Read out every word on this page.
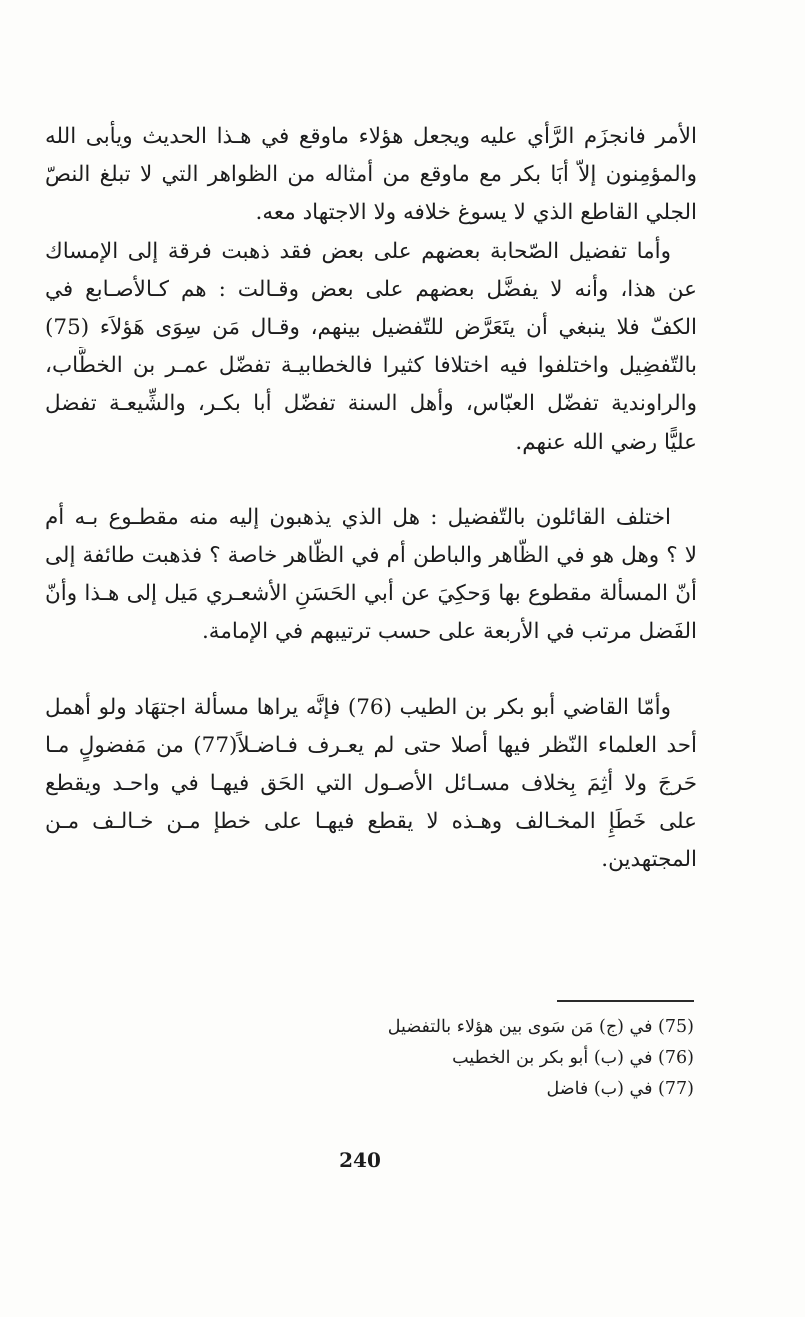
الأمر فانجزَم الرَّأي عليه ويجعل هؤلاء ماوقع في هـذا الحديث ويأبى الله
والمؤمِنون إلاّ أبَا بكر مع ماوقع من أمثاله من الظواهر التي لا تبلغ النصّ
الجلي القاطع الذي لا يسوغ خلافه ولا الاجتهاد معه.

وأما تفضيل الصّحابة بعضهم على بعض فقد ذهبت فرقة إلى الإمساك
عن هذا، وأنه لا يفضَّل بعضهم على بعض وقـالت : هم كـالأصـابع في
الكفّ فلا ينبغي أن يتَعَرَّض للتّفضيل بينهم، وقـال مَن سِوَى هَؤلاَء (75)
بالتّفضِيل واختلفوا فيه اختلافا كثيرا فالخطابيـة تفضّل عمـر بن الخطَّاب،
والراوندية تفضّل العبّاس، وأهل السنة تفضّل أبا بكـر، والشِّيعـة تفضل
عليًّا رضي الله عنهم.

اختلف القائلون بالتّفضيل : هل الذي يذهبون إليه منه مقطـوع بـه أم
لا ؟ وهل هو في الظّاهر والباطن أم في الظّاهر خاصة ؟ فذهبت طائفة إلى
أنّ المسألة مقطوع بها وَحكِيَ عن أبي الحَسَنِ الأشعـري مَيل إلى هـذا وأنّ
الفَضل مرتب في الأربعة على حسب ترتيبهم في الإمامة.

وأمّا القاضي أبو بكر بن الطيب (76) فإنَّه يراها مسألة اجتهَاد ولو أهمل
أحد العلماء النّظر فيها أصلا حتى لم يعـرف فـاضـلاً(77) من مَفضولٍ مـا
حَرجَ ولا أثِمَ بِخلاف مسـائل الأصـول التي الحَق فيهـا في واحـد ويقطع
على خَطَإِ المخـالف وهـذه لا يقطع فيهـا على خطإ مـن خـالـف مـن
المجتهدين.

(75) في (ج) مَن سَوى بين هؤلاء بالتفضيل
(76) في (ب) أبو بكر بن الخطيب
(77) في (ب) فاضل
240
